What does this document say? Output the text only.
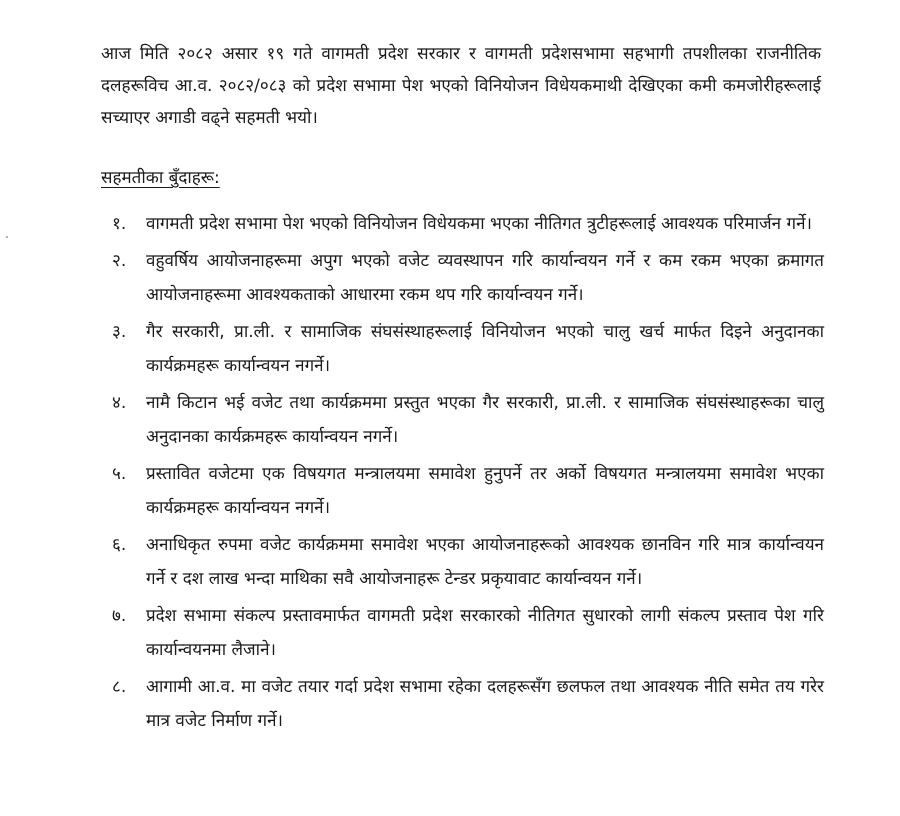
आज मिति २०८२ असार १९ गते वागमती प्रदेश सरकार र वागमती प्रदेशसभामा सहभागी तपशीलका राजनीतिक दलहरूविच आ.व. २०८२/०८३ को प्रदेश सभामा पेश भएको विनियोजन विधेयकमाथी देखिएका कमी कमजोरीहरूलाई सच्याएर अगाडी वढ्ने सहमती भयो।

सहमतीका बुँदाहरू:

१.	वागमती प्रदेश सभामा पेश भएको विनियोजन विधेयकमा भएका नीतिगत त्रुटीहरूलाई आवश्यक परिमार्जन गर्ने।
२.	वहुवर्षिय आयोजनाहरूमा अपुग भएको वजेट व्यवस्थापन गरि कार्यान्वयन गर्ने र कम रकम भएका क्रमागत आयोजनाहरूमा आवश्यकताको आधारमा रकम थप गरि कार्यान्वयन गर्ने।
३.	गैर सरकारी, प्रा.ली. र सामाजिक संघसंस्थाहरूलाई विनियोजन भएको चालु खर्च मार्फत दिइने अनुदानका कार्यक्रमहरू कार्यान्वयन नगर्ने।
४.	नामै किटान भई वजेट तथा कार्यक्रममा प्रस्तुत भएका गैर सरकारी, प्रा.ली. र सामाजिक संघसंस्थाहरूका चालु अनुदानका कार्यक्रमहरू कार्यान्वयन नगर्ने।
५.	प्रस्तावित वजेटमा एक विषयगत मन्त्रालयमा समावेश हुनुपर्ने तर अर्को विषयगत मन्त्रालयमा समावेश भएका कार्यक्रमहरू कार्यान्वयन नगर्ने।
६.	अनाधिकृत रुपमा वजेट कार्यक्रममा समावेश भएका आयोजनाहरूको आवश्यक छानविन गरि मात्र कार्यान्वयन गर्ने र दश लाख भन्दा माथिका सवै आयोजनाहरू टेन्डर प्रकृयावाट कार्यान्वयन गर्ने।
७.	प्रदेश सभामा संकल्प प्रस्तावमार्फत वागमती प्रदेश सरकारको नीतिगत सुधारको लागी संकल्प प्रस्ताव पेश गरि कार्यान्वयनमा लैजाने।
८.	आगामी आ.व. मा वजेट तयार गर्दा प्रदेश सभामा रहेका दलहरूसँग छलफल तथा आवश्यक नीति समेत तय गरेर मात्र वजेट निर्माण गर्ने।
